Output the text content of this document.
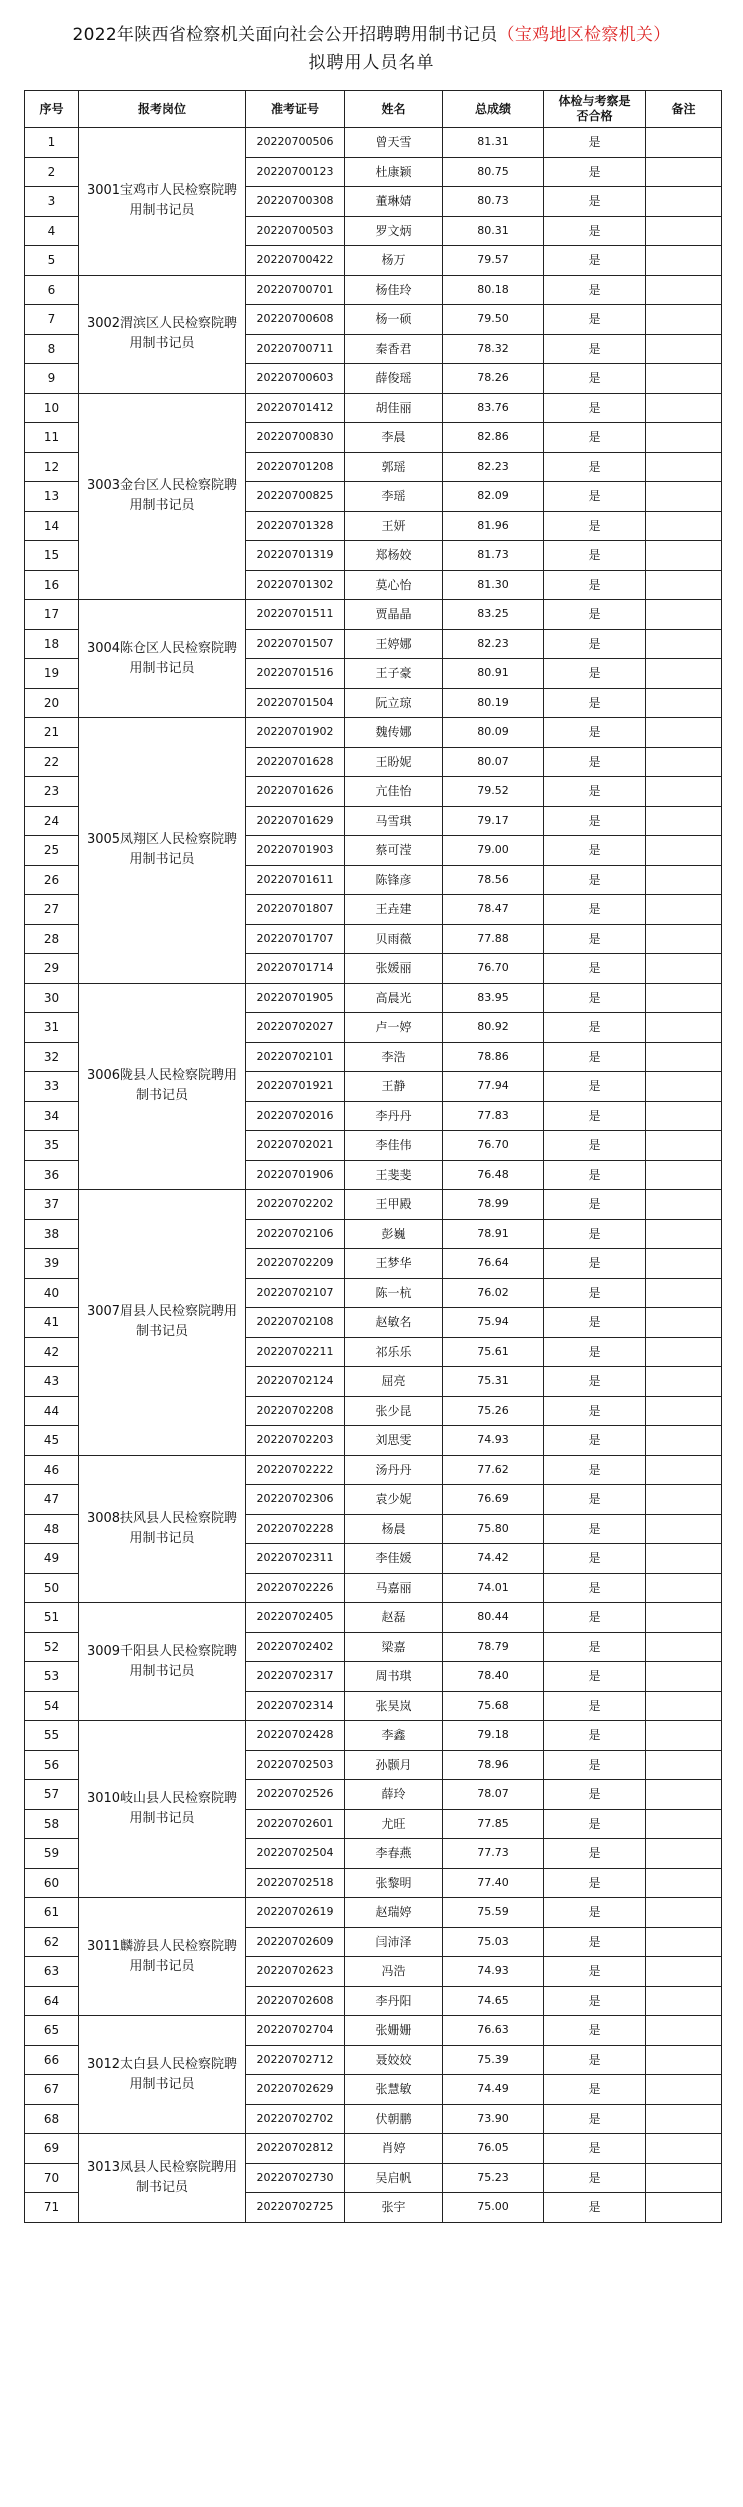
2022年陕西省检察机关面向社会公开招聘聘用制书记员（宝鸡地区检察机关）
拟聘用人员名单
序号	报考岗位	准考证号	姓名	总成绩	体检与考察是否合格	备注
1	3001宝鸡市人民检察院聘用制书记员	20220700506	曾天雪	81.31	是	
2		20220700123	杜康颖	80.75	是	
3		20220700308	董琳婧	80.73	是	
4		20220700503	罗文炳	80.31	是	
5		20220700422	杨万	79.57	是	
6	3002渭滨区人民检察院聘用制书记员	20220700701	杨佳玲	80.18	是	
7		20220700608	杨一硕	79.50	是	
8		20220700711	秦香君	78.32	是	
9		20220700603	薛俊瑶	78.26	是	
10	3003金台区人民检察院聘用制书记员	20220701412	胡佳丽	83.76	是	
11		20220700830	李晨	82.86	是	
12		20220701208	郭瑶	82.23	是	
13		20220700825	李瑶	82.09	是	
14		20220701328	王妍	81.96	是	
15		20220701319	郑杨姣	81.73	是	
16		20220701302	莫心怡	81.30	是	
17	3004陈仓区人民检察院聘用制书记员	20220701511	贾晶晶	83.25	是	
18		20220701507	王婷娜	82.23	是	
19		20220701516	王子豪	80.91	是	
20		20220701504	阮立琼	80.19	是	
21	3005凤翔区人民检察院聘用制书记员	20220701902	魏传娜	80.09	是	
22		20220701628	王盼妮	80.07	是	
23		20220701626	亢佳怡	79.52	是	
24		20220701629	马雪琪	79.17	是	
25		20220701903	蔡可滢	79.00	是	
26		20220701611	陈锋彦	78.56	是	
27		20220701807	王垚建	78.47	是	
28		20220701707	贝雨薇	77.88	是	
29		20220701714	张媛丽	76.70	是	
30	3006陇县人民检察院聘用制书记员	20220701905	高晨光	83.95	是	
31		20220702027	卢一婷	80.92	是	
32		20220702101	李浩	78.86	是	
33		20220701921	王静	77.94	是	
34		20220702016	李丹丹	77.83	是	
35		20220702021	李佳伟	76.70	是	
36		20220701906	王斐斐	76.48	是	
37	3007眉县人民检察院聘用制书记员	20220702202	王甲殿	78.99	是	
38		20220702106	彭巍	78.91	是	
39		20220702209	王梦华	76.64	是	
40		20220702107	陈一杭	76.02	是	
41		20220702108	赵敏名	75.94	是	
42		20220702211	祁乐乐	75.61	是	
43		20220702124	屈亮	75.31	是	
44		20220702208	张少昆	75.26	是	
45		20220702203	刘思雯	74.93	是	
46	3008扶风县人民检察院聘用制书记员	20220702222	汤丹丹	77.62	是	
47		20220702306	袁少妮	76.69	是	
48		20220702228	杨晨	75.80	是	
49		20220702311	李佳媛	74.42	是	
50		20220702226	马嘉丽	74.01	是	
51	3009千阳县人民检察院聘用制书记员	20220702405	赵磊	80.44	是	
52		20220702402	梁嘉	78.79	是	
53		20220702317	周书琪	78.40	是	
54		20220702314	张昊岚	75.68	是	
55	3010岐山县人民检察院聘用制书记员	20220702428	李鑫	79.18	是	
56		20220702503	孙颢月	78.96	是	
57		20220702526	薛玲	78.07	是	
58		20220702601	尤旺	77.85	是	
59		20220702504	李春燕	77.73	是	
60		20220702518	张黎明	77.40	是	
61	3011麟游县人民检察院聘用制书记员	20220702619	赵瑞婷	75.59	是	
62		20220702609	闫沛泽	75.03	是	
63		20220702623	冯浩	74.93	是	
64		20220702608	李丹阳	74.65	是	
65	3012太白县人民检察院聘用制书记员	20220702704	张姗姗	76.63	是	
66		20220702712	聂姣姣	75.39	是	
67		20220702629	张慧敏	74.49	是	
68		20220702702	伏朝鹏	73.90	是	
69	3013凤县人民检察院聘用制书记员	20220702812	肖婷	76.05	是	
70		20220702730	吴启帆	75.23	是	
71		20220702725	张宇	75.00	是	
